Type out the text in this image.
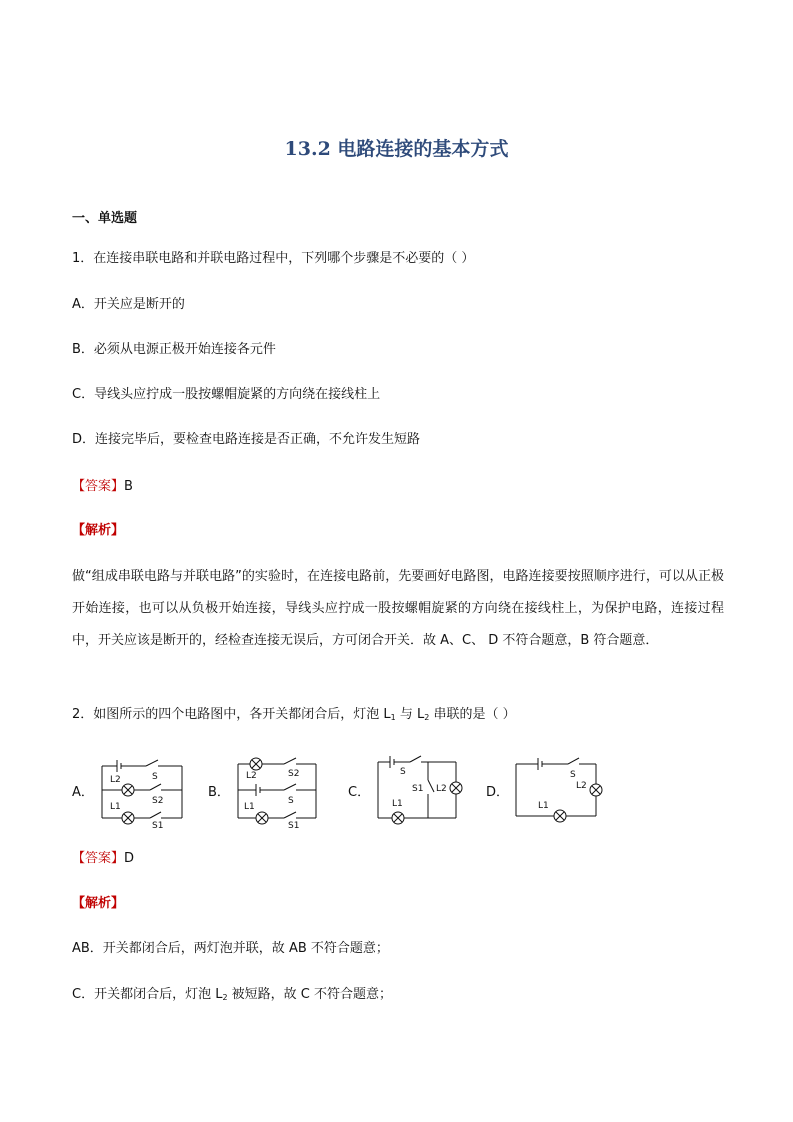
13.2 电路连接的基本方式
一、单选题
1．在连接串联电路和并联电路过程中，下列哪个步骤是不必要的（ ）
A．开关应是断开的
B．必须从电源正极开始连接各元件
C．导线头应拧成一股按螺帽旋紧的方向绕在接线柱上
D．连接完毕后，要检查电路连接是否正确，不允许发生短路
【答案】B
【解析】
做“组成串联电路与并联电路”的实验时，在连接电路前，先要画好电路图，电路连接要按照顺序进行，可以从正极开始连接，也可以从负极开始连接，导线头应拧成一股按螺帽旋紧的方向绕在接线柱上，为保护电路，连接过程中，开关应该是断开的，经检查连接无误后，方可闭合开关．故 A、C、 D 不符合题意，B 符合题意．
2．如图所示的四个电路图中，各开关都闭合后，灯泡 $L_1$ 与 $L_2$ 串联的是（ ）
A．
S
L2
S2
L1
S1
B．
L2	S2
S
L1
S1
C．
S
S1 L2
L1
D．
S
L2
L1
【答案】D
【解析】
AB．开关都闭合后，两灯泡并联，故 AB 不符合题意；
C．开关都闭合后，灯泡 $L_2$ 被短路，故 C 不符合题意；
